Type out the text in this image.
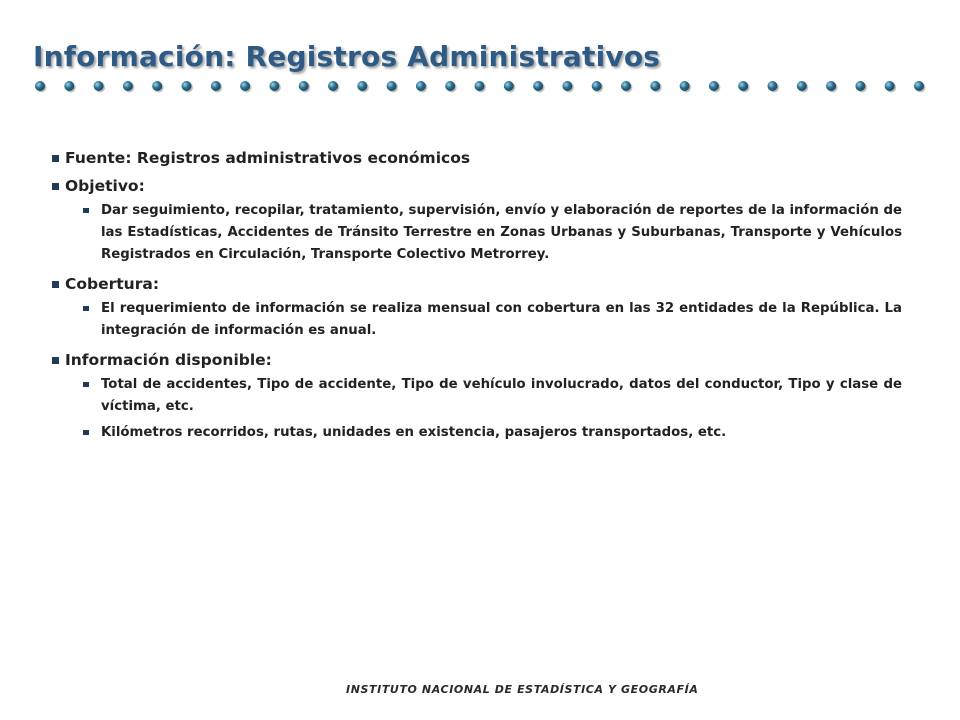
Información: Registros Administrativos
Fuente: Registros administrativos económicos
Objetivo:
Dar seguimiento, recopilar, tratamiento, supervisión, envío y elaboración de reportes de la información de las Estadísticas, Accidentes de Tránsito Terrestre en Zonas Urbanas y Suburbanas, Transporte y Vehículos Registrados en Circulación, Transporte Colectivo Metrorrey.
Cobertura:
El requerimiento de información se realiza mensual con cobertura en las 32 entidades de la República. La integración de información es anual.
Información disponible:
Total de accidentes, Tipo de accidente, Tipo de vehículo involucrado, datos del conductor, Tipo y clase de víctima, etc.
Kilómetros recorridos, rutas, unidades en existencia, pasajeros transportados, etc.
INSTITUTO NACIONAL DE ESTADÍSTICA Y GEOGRAFÍA
